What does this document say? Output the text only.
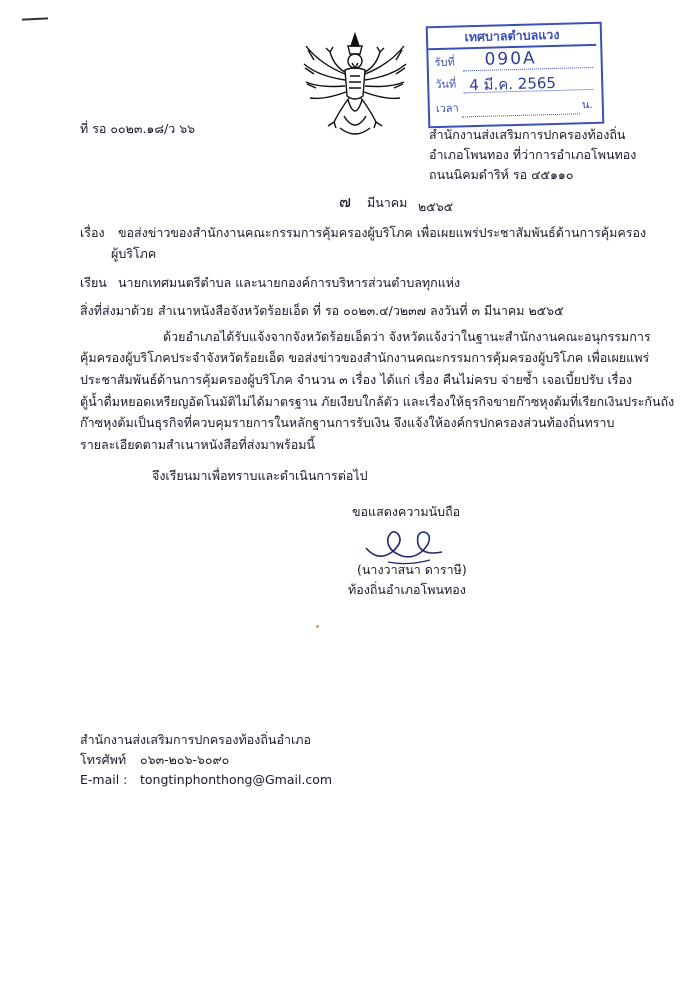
เทศบาลตำบลแวง
รับที่
วันที่
เวลา	น.
090A
4 มี.ค. 2565
ที่ รอ ๐๐๒๓.๑๘/ว ๖๖	สำนักงานส่งเสริมการปกครองท้องถิ่น
อำเภอโพนทอง ที่ว่าการอำเภอโพนทอง
ถนนนิคมดำริห์ รอ ๔๕๑๑๐
๗ มีนาคม ๒๕๖๕
เรื่อง ขอส่งข่าวของสำนักงานคณะกรรมการคุ้มครองผู้บริโภค เพื่อเผยแพร่ประชาสัมพันธ์ด้านการคุ้มครอง
ผู้บริโภค
เรียน นายกเทศมนตรีตำบล และนายกองค์การบริหารส่วนตำบลทุกแห่ง
สิ่งที่ส่งมาด้วย สำเนาหนังสือจังหวัดร้อยเอ็ด ที่ รอ ๐๐๒๓.๔/ว๒๓๗ ลงวันที่ ๓ มีนาคม ๒๕๖๕
ด้วยอำเภอได้รับแจ้งจากจังหวัดร้อยเอ็ดว่า จังหวัดแจ้งว่าในฐานะสำนักงานคณะอนุกรรมการ
คุ้มครองผู้บริโภคประจำจังหวัดร้อยเอ็ด ขอส่งข่าวของสำนักงานคณะกรรมการคุ้มครองผู้บริโภค เพื่อเผยแพร่
ประชาสัมพันธ์ด้านการคุ้มครองผู้บริโภค จำนวน ๓ เรื่อง ได้แก่ เรื่อง คืนไม่ครบ จ่ายซ้ำ เจอเบี้ยปรับ เรื่อง
ตู้น้ำดื่มหยอดเหรียญอัตโนมัติไม่ได้มาตรฐาน ภัยเงียบใกล้ตัว และเรื่องให้ธุรกิจขายก๊าซหุงต้มที่เรียกเงินประกันถัง
ก๊าซหุงต้มเป็นธุรกิจที่ควบคุมรายการในหลักฐานการรับเงิน จึงแจ้งให้องค์กรปกครองส่วนท้องถิ่นทราบ
รายละเอียดตามสำเนาหนังสือที่ส่งมาพร้อมนี้
จึงเรียนมาเพื่อทราบและดำเนินการต่อไป
ขอแสดงความนับถือ
(นางวาสนา ดาราษี)
ท้องถิ่นอำเภอโพนทอง
สำนักงานส่งเสริมการปกครองท้องถิ่นอำเภอ
โทรศัพท์ ๐๖๓-๒๐๖-๖๐๙๐
E-mail : tongtinphonthong@Gmail.com
